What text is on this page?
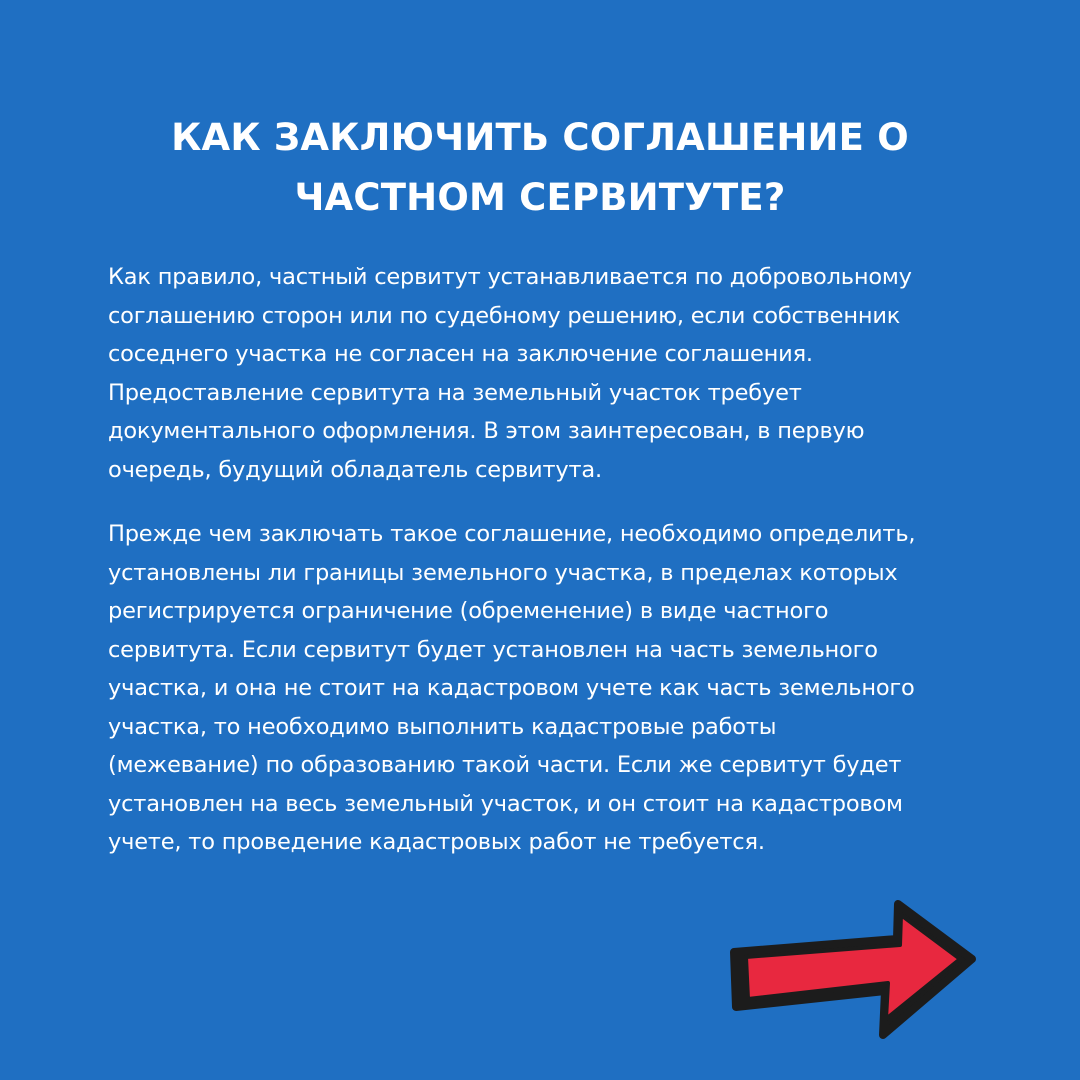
КАК ЗАКЛЮЧИТЬ СОГЛАШЕНИЕ О
ЧАСТНОМ СЕРВИТУТЕ?

Как правило, частный сервитут устанавливается по добровольному
соглашению сторон или по судебному решению, если собственник
соседнего участка не согласен на заключение соглашения.
Предоставление сервитута на земельный участок требует
документального оформления. В этом заинтересован, в первую
очередь, будущий обладатель сервитута.

Прежде чем заключать такое соглашение, необходимо определить,
установлены ли границы земельного участка, в пределах которых
регистрируется ограничение (обременение) в виде частного
сервитута. Если сервитут будет установлен на часть земельного
участка, и она не стоит на кадастровом учете как часть земельного
участка, то необходимо выполнить кадастровые работы
(межевание) по образованию такой части. Если же сервитут будет
установлен на весь земельный участок, и он стоит на кадастровом
учете, то проведение кадастровых работ не требуется.
